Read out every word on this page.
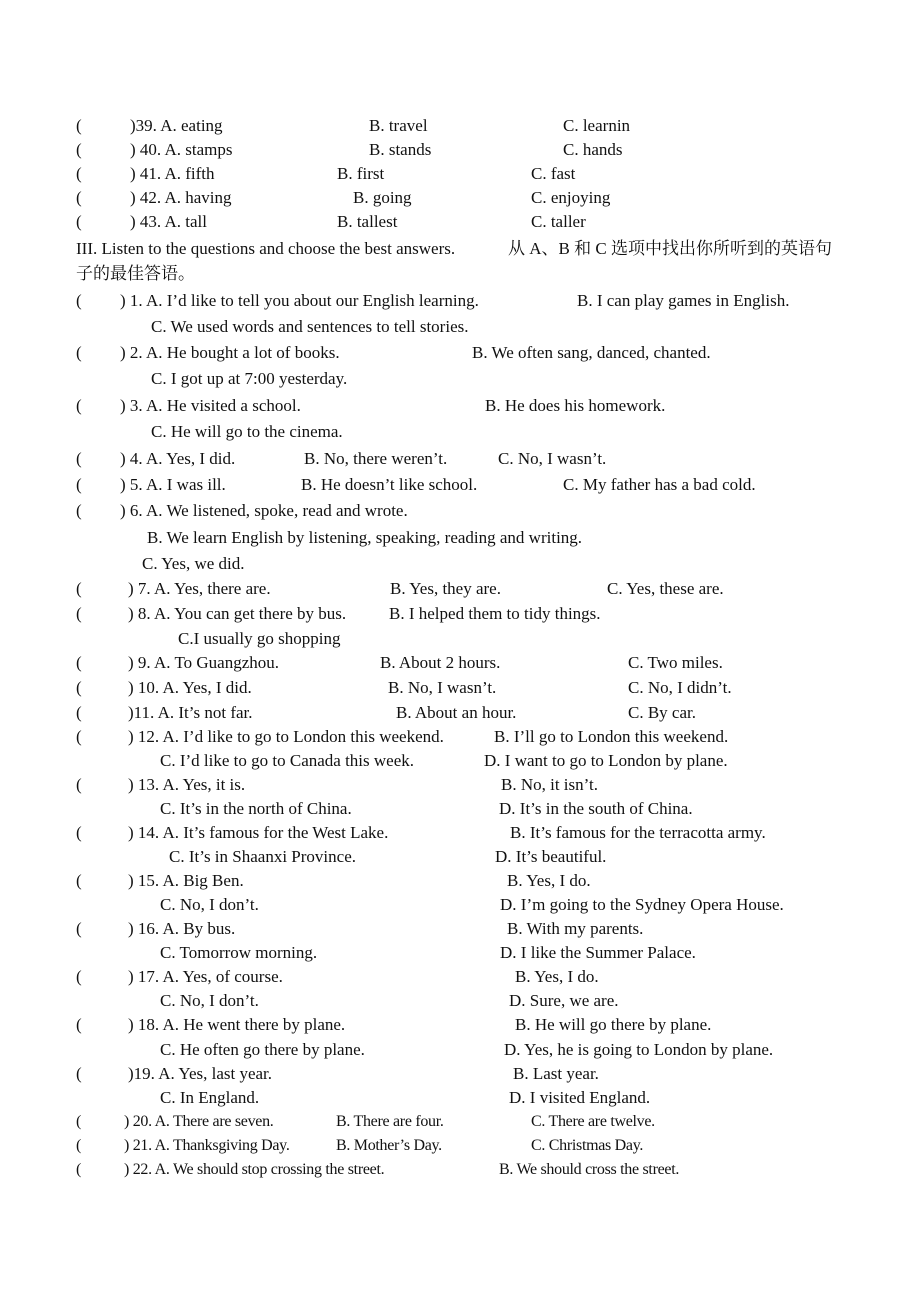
(	)39. A. eating	B. travel	C. learnin
(	) 40. A. stamps	B. stands	C. hands
(	) 41. A. fifth	B. first	C. fast
(	) 42. A. having	B. going	C. enjoying
(	) 43. A. tall	B. tallest	C. taller
III. Listen to the questions and choose the best answers.	从 A、B 和 C 选项中找出你所听到的英语句
子的最佳答语。
( ) 1. A. I’d like to tell you about our English learning.	B. I can play games in English.
C. We used words and sentences to tell stories.
( ) 2. A. He bought a lot of books.	B. We often sang, danced, chanted.
C. I got up at 7:00 yesterday.
( ) 3. A. He visited a school.	B. He does his homework.
C. He will go to the cinema.
( ) 4. A. Yes, I did.	B. No, there weren’t.	C. No, I wasn’t.
( ) 5. A. I was ill.	B. He doesn’t like school.	C. My father has a bad cold.
( ) 6. A. We listened, spoke, read and wrote.
B. We learn English by listening, speaking, reading and writing.
C. Yes, we did.
(	) 7. A. Yes, there are.	B. Yes, they are.	C. Yes, these are.
(	) 8. A. You can get there by bus.	B. I helped them to tidy things.
C.I usually go shopping
(	) 9. A. To Guangzhou.	B. About 2 hours.	C. Two miles.
(	) 10. A. Yes, I did.	B. No, I wasn’t.	C. No, I didn’t.
(	)11. A. It’s not far.	B. About an hour.	C. By car.
(	) 12. A. I’d like to go to London this weekend.	B. I’ll go to London this weekend.
C. I’d like to go to Canada this week.	D. I want to go to London by plane.
(	) 13. A. Yes, it is.	B. No, it isn’t.
C. It’s in the north of China.	D. It’s in the south of China.
(	) 14. A. It’s famous for the West Lake.	B. It’s famous for the terracotta army.
C. It’s in Shaanxi Province.	D. It’s beautiful.
(	) 15. A. Big Ben.	B. Yes, I do.
C. No, I don’t.	D. I’m going to the Sydney Opera House.
(	) 16. A. By bus.	B. With my parents.
C. Tomorrow morning.	D. I like the Summer Palace.
(	) 17. A. Yes, of course.	B. Yes, I do.
C. No, I don’t.	D. Sure, we are.
(	) 18. A. He went there by plane.	B. He will go there by plane.
C. He often go there by plane.	D. Yes, he is going to London by plane.
(	)19. A. Yes, last year.	B. Last year.
C. In England.	D. I visited England.
(	) 20. A. There are seven.	B. There are four.	C. There are twelve.
(	) 21. A. Thanksgiving Day.	B. Mother’s Day.	C. Christmas Day.
(	) 22. A. We should stop crossing the street.	B. We should cross the street.
